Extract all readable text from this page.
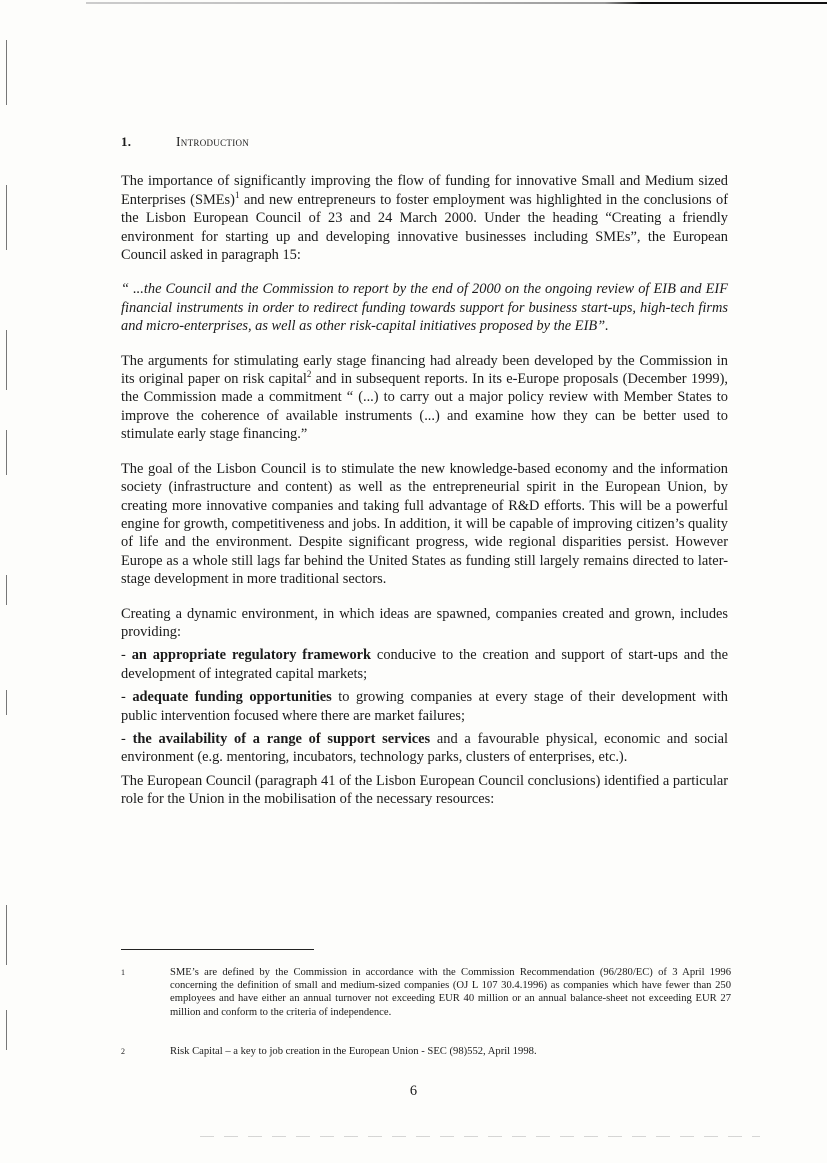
1.	Introduction

The importance of significantly improving the flow of funding for innovative Small and Medium sized Enterprises (SMEs)$^1$ and new entrepreneurs to foster employment was highlighted in the conclusions of the Lisbon European Council of 23 and 24 March 2000. Under the heading “Creating a friendly environment for starting up and developing innovative businesses including SMEs”, the European Council asked in paragraph 15:

“ ...the Council and the Commission to report by the end of 2000 on the ongoing review of EIB and EIF financial instruments in order to redirect funding towards support for business start-ups, high-tech firms and micro-enterprises, as well as other risk-capital initiatives proposed by the EIB”.

The arguments for stimulating early stage financing had already been developed by the Commission in its original paper on risk capital$^2$ and in subsequent reports. In its e-Europe proposals (December 1999), the Commission made a commitment “ (...) to carry out a major policy review with Member States to improve the coherence of available instruments (...) and examine how they can be better used to stimulate early stage financing.”

The goal of the Lisbon Council is to stimulate the new knowledge-based economy and the information society (infrastructure and content) as well as the entrepreneurial spirit in the European Union, by creating more innovative companies and taking full advantage of R&D efforts. This will be a powerful engine for growth, competitiveness and jobs. In addition, it will be capable of improving citizen’s quality of life and the environment. Despite significant progress, wide regional disparities persist. However Europe as a whole still lags far behind the United States as funding still largely remains directed to later-stage development in more traditional sectors.

Creating a dynamic environment, in which ideas are spawned, companies created and grown, includes providing:

- an appropriate regulatory framework conducive to the creation and support of start-ups and the development of integrated capital markets;

- adequate funding opportunities to growing companies at every stage of their development with public intervention focused where there are market failures;

- the availability of a range of support services and a favourable physical, economic and social environment (e.g. mentoring, incubators, technology parks, clusters of enterprises, etc.).

The European Council (paragraph 41 of the Lisbon European Council conclusions) identified a particular role for the Union in the mobilisation of the necessary resources:

1	SME’s are defined by the Commission in accordance with the Commission Recommendation (96/280/EC) of 3 April 1996 concerning the definition of small and medium-sized companies (OJ L 107 30.4.1996) as companies which have fewer than 250 employees and have either an annual turnover not exceeding EUR 40 million or an annual balance-sheet not exceeding EUR 27 million and conform to the criteria of independence.
2	Risk Capital – a key to job creation in the European Union - SEC (98)552, April 1998.
6
